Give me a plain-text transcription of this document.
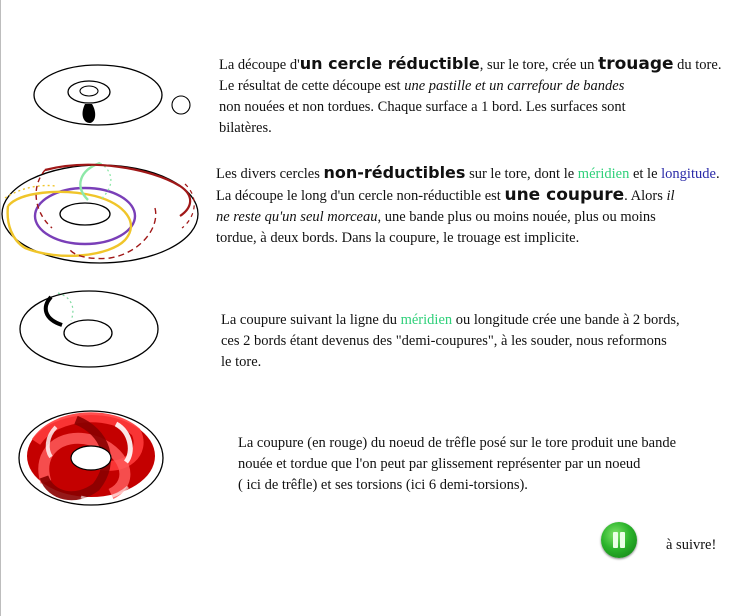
La découpe d'un cercle réductible, sur le tore, crée un trouage du tore.

Le résultat de cette découpe est une pastille et un carrefour de bandes

non nouées et non tordues. Chaque surface a 1 bord. Les surfaces sont

bilatères.

Les divers cercles non-réductibles sur le tore, dont le méridien et le longitude.

La découpe le long d'un cercle non-réductible est une coupure. Alors il

ne reste qu'un seul morceau, une bande plus ou moins nouée, plus ou moins

tordue, à deux bords. Dans la coupure, le trouage est implicite.

La coupure suivant la ligne du méridien ou longitude crée une bande à 2 bords,

ces 2 bords étant devenus des "demi-coupures", à les souder, nous reformons

le tore.

La coupure (en rouge) du noeud de trêfle posé sur le tore produit une bande

nouée et tordue que l'on peut par glissement représenter par un noeud

( ici de trêfle) et ses torsions (ici 6 demi-torsions).

à suivre!
